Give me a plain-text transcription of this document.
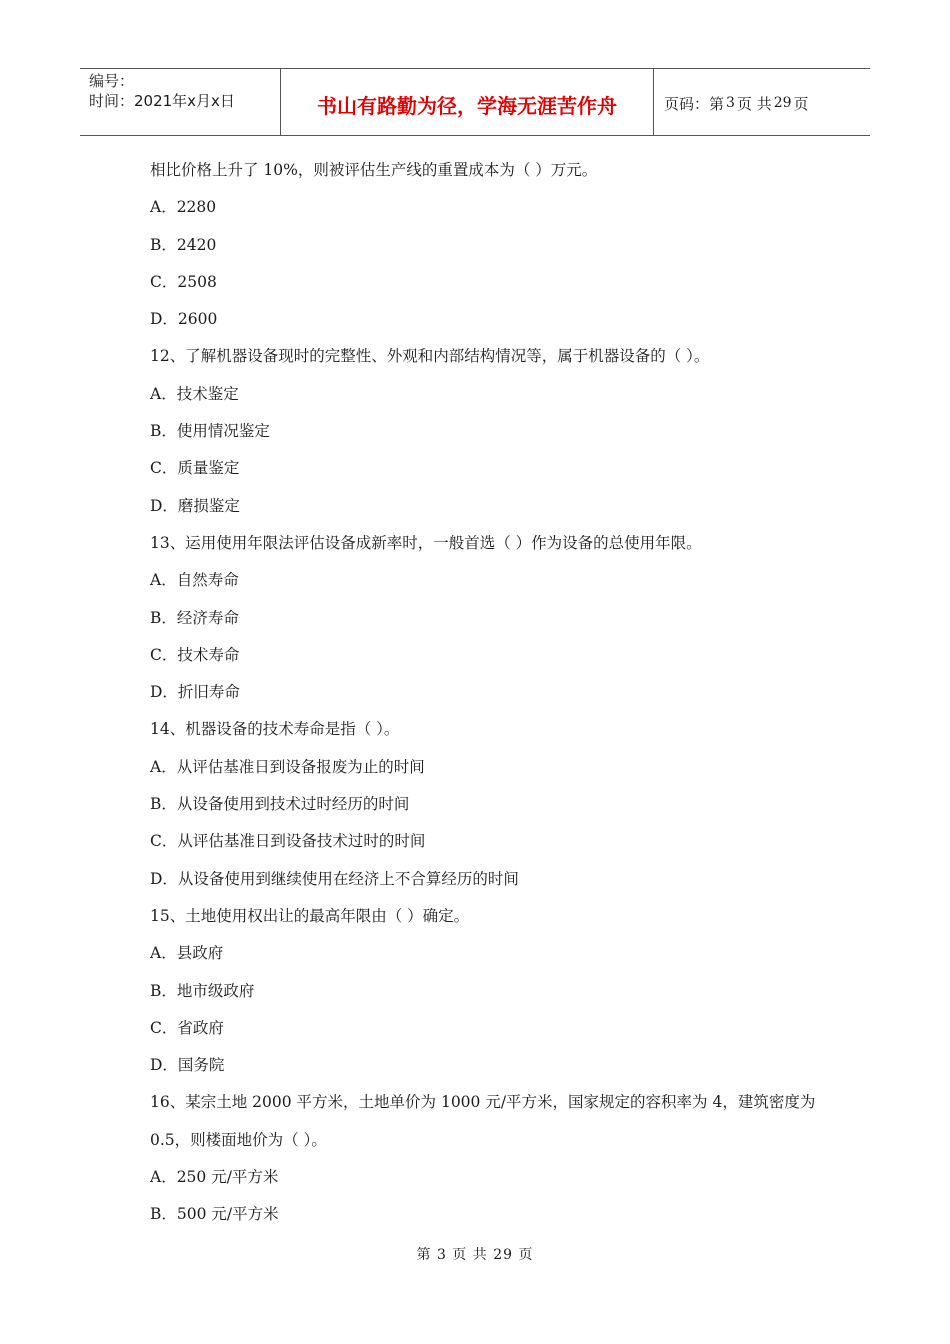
编号：
时间：2021年x月x日	书山有路勤为径，学海无涯苦作舟	页码：第 3 页 共 29 页
相比价格上升了 10%，则被评估生产线的重置成本为（ ）万元。
A．2280
B．2420
C．2508
D．2600
12、了解机器设备现时的完整性、外观和内部结构情况等，属于机器设备的（ ）。
A．技术鉴定
B．使用情况鉴定
C．质量鉴定
D．磨损鉴定
13、运用使用年限法评估设备成新率时，一般首选（ ）作为设备的总使用年限。
A．自然寿命
B．经济寿命
C．技术寿命
D．折旧寿命
14、机器设备的技术寿命是指（ ）。
A．从评估基准日到设备报废为止的时间
B．从设备使用到技术过时经历的时间
C．从评估基准日到设备技术过时的时间
D．从设备使用到继续使用在经济上不合算经历的时间
15、土地使用权出让的最高年限由（ ）确定。
A．县政府
B．地市级政府
C．省政府
D．国务院
16、某宗土地 2000 平方米，土地单价为 1000 元/平方米，国家规定的容积率为 4，建筑密度为
0.5，则楼面地价为（ ）。
A．250 元/平方米
B．500 元/平方米
第 3 页 共 29 页
